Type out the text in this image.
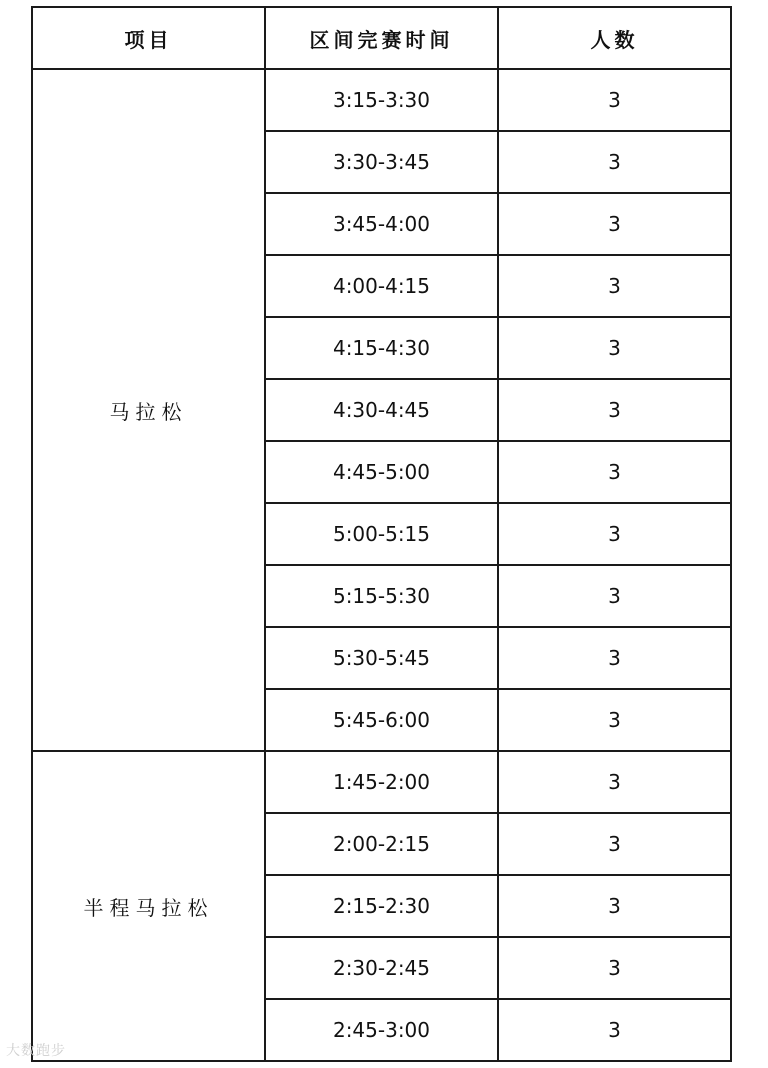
项目	区间完赛时间	人数
马拉松	3:15-3:30	3
	3:30-3:45	3
	3:45-4:00	3
	4:00-4:15	3
	4:15-4:30	3
	4:30-4:45	3
	4:45-5:00	3
	5:00-5:15	3
	5:15-5:30	3
	5:30-5:45	3
	5:45-6:00	3
半程马拉松	1:45-2:00	3
	2:00-2:15	3
	2:15-2:30	3
	2:30-2:45	3
	2:45-3:00	3
大数跑步
